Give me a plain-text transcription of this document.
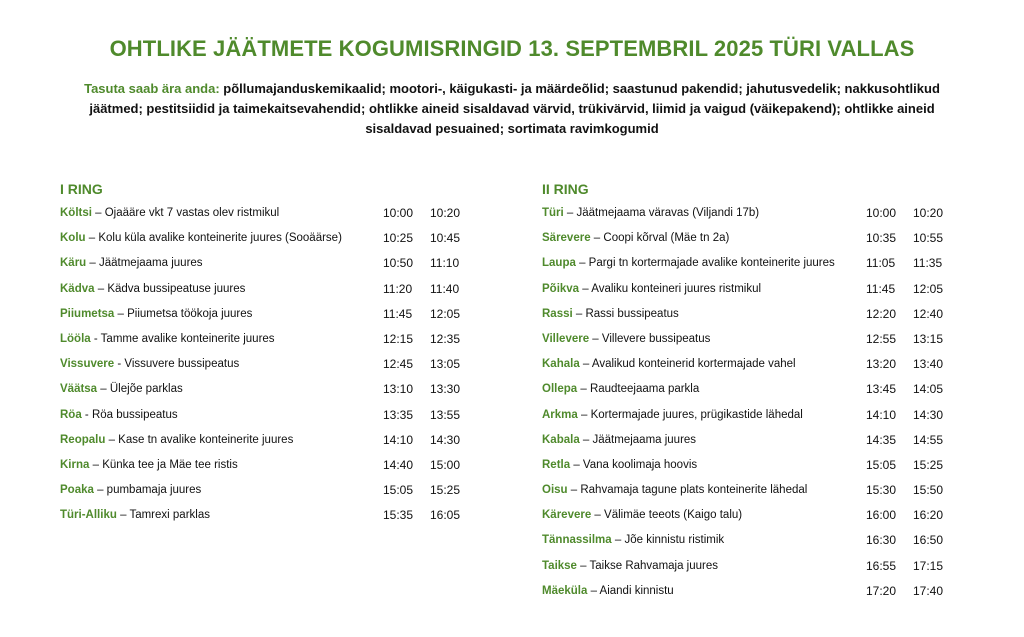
OHTLIKE JÄÄTMETE KOGUMISRINGID 13. SEPTEMBRIL 2025 TÜRI VALLAS
Tasuta saab ära anda: põllumajanduskemikaalid; mootori-, käigukasti- ja määrdeõlid; saastunud pakendid; jahutusvedelik; nakkusohtlikud jäätmed; pestitsiidid ja taimekaitsevahendid; ohtlikke aineid sisaldavad värvid, trükivärvid, liimid ja vaigud (väikepakend); ohtlikke aineid sisaldavad pesuained; sortimata ravimkogumid
I RING
Költsi – Ojaääre vkt 7 vastas olev ristmikul	10:00 10:20
Kolu – Kolu küla avalike konteinerite juures (Sooäärse)	10:25 10:45
Käru – Jäätmejaama juures	10:50 11:10
Kädva – Kädva bussipeatuse juures	11:20 11:40
Piiumetsa – Piiumetsa töökoja juures	11:45 12:05
Lööla - Tamme avalike konteinerite juures	12:15 12:35
Vissuvere - Vissuvere bussipeatus	12:45 13:05
Väätsa – Ülejõe parklas	13:10 13:30
Röa - Röa bussipeatus	13:35 13:55
Reopalu – Kase tn avalike konteinerite juures	14:10 14:30
Kirna – Künka tee ja Mäe tee ristis	14:40 15:00
Poaka – pumbamaja juures	15:05 15:25
Türi-Alliku – Tamrexi parklas	15:35 16:05
II RING
Türi – Jäätmejaama väravas (Viljandi 17b)	10:00 10:20
Särevere – Coopi kõrval (Mäe tn 2a)	10:35 10:55
Laupa – Pargi tn kortermajade avalike konteinerite juures	11:05 11:35
Põikva – Avaliku konteineri juures ristmikul	11:45 12:05
Rassi – Rassi bussipeatus	12:20 12:40
Villevere – Villevere bussipeatus	12:55 13:15
Kahala – Avalikud konteinerid kortermajade vahel	13:20 13:40
Ollepa – Raudteejaama parkla	13:45 14:05
Arkma – Kortermajade juures, prügikastide lähedal	14:10 14:30
Kabala – Jäätmejaama juures	14:35 14:55
Retla – Vana koolimaja hoovis	15:05 15:25
Oisu – Rahvamaja tagune plats konteinerite lähedal	15:30 15:50
Kärevere – Välimäe teeots (Kaigo talu)	16:00 16:20
Tännassilma – Jõe kinnistu ristimik	16:30 16:50
Taikse – Taikse Rahvamaja juures	16:55 17:15
Mäeküla – Aiandi kinnistu	17:20 17:40
